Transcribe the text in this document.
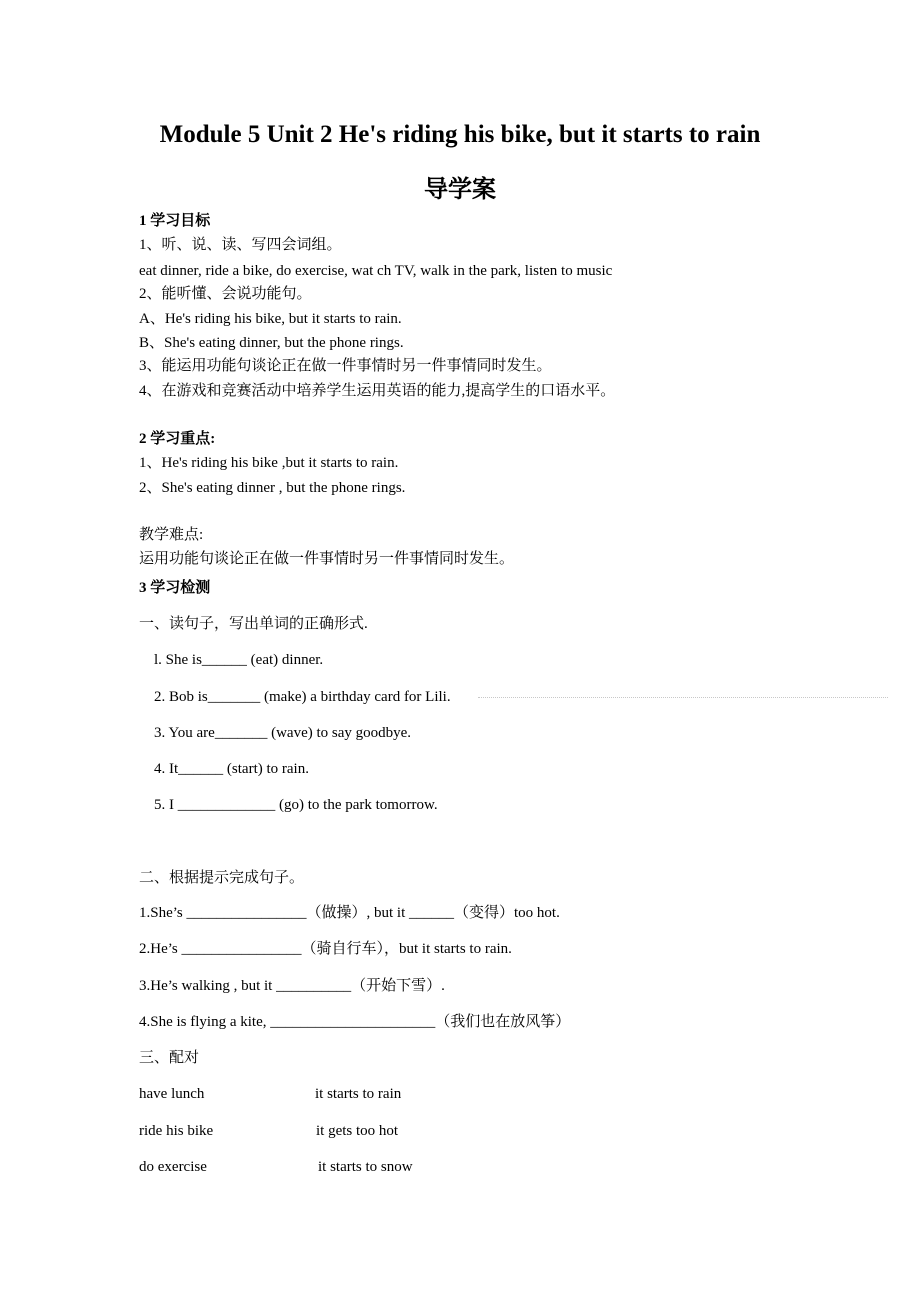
Module 5 Unit 2 He's riding his bike, but it starts to rain
导学案
1 学习目标
1、听、说、读、写四会词组。
eat dinner, ride a bike, do exercise, wat ch TV, walk in the park, listen to music
2、能听懂、会说功能句。
A、He's riding his bike, but it starts to rain.
B、She's eating dinner, but the phone rings.
3、能运用功能句谈论正在做一件事情时另一件事情同时发生。
4、在游戏和竞赛活动中培养学生运用英语的能力,提高学生的口语水平。
2 学习重点:
1、He's riding his bike ,but it starts to rain.
2、She's eating dinner , but the phone rings.
教学难点:
运用功能句谈论正在做一件事情时另一件事情同时发生。
3 学习检测
一、读句子，写出单词的正确形式.
l. She is______ (eat) dinner.
2. Bob is_______ (make) a birthday card for Lili.
3. You are_______ (wave) to say goodbye.
4. It______ (start) to rain.
5. I _____________ (go) to the park tomorrow.
二、根据提示完成句子。
1.She’s ________________（做操）, but it ______（变得）too hot.
2.He’s ________________（骑自行车），but it starts to rain.
3.He’s walking , but it __________（开始下雪）.
4.She is flying a kite, ______________________（我们也在放风筝）
三、配对
have lunch	it starts to rain
ride his bike	it gets too hot
do exercise	it starts to snow
